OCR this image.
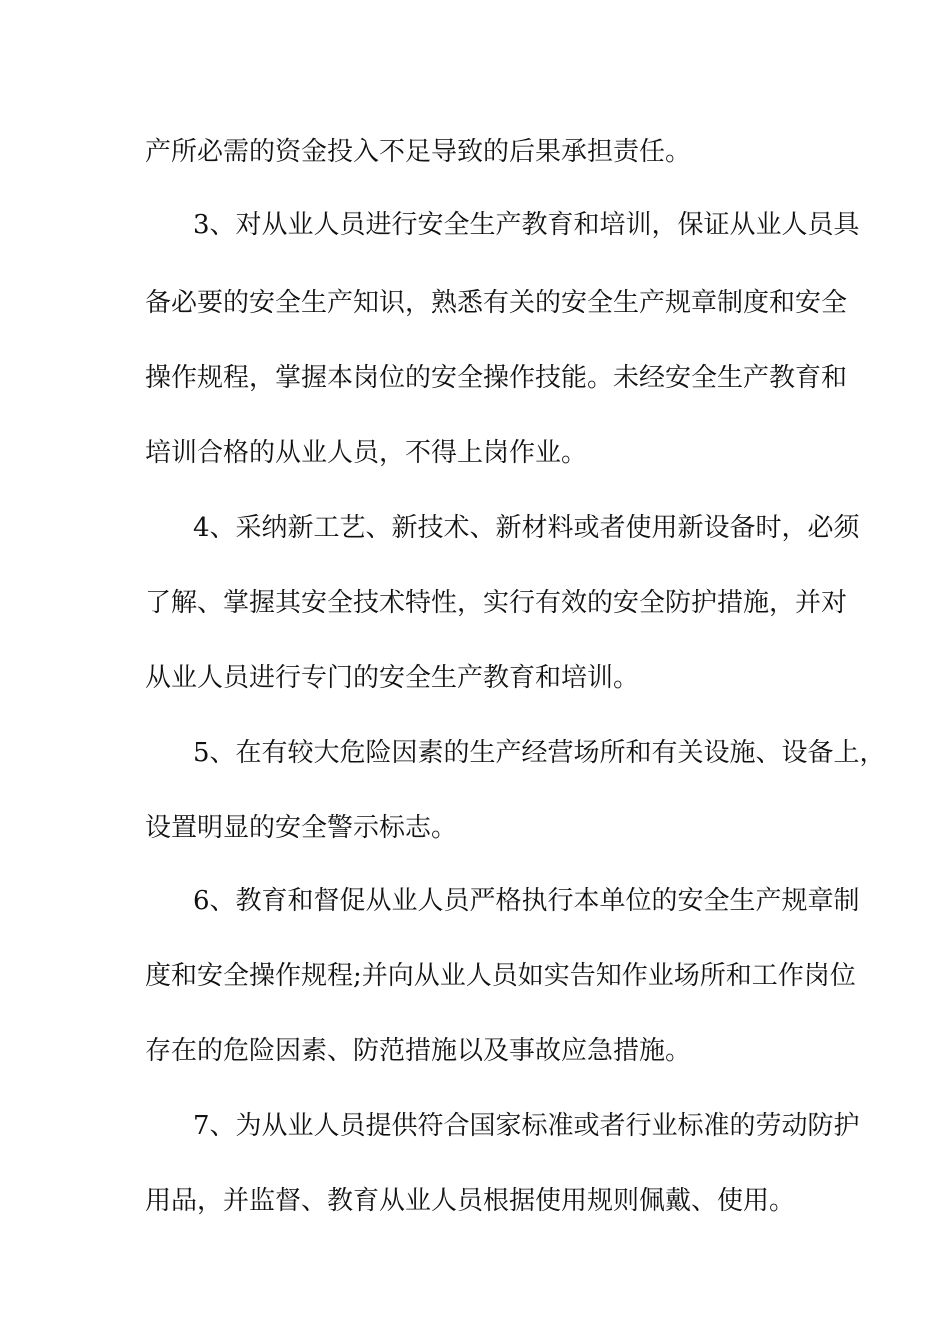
产所必需的资金投入不足导致的后果承担责任。
3、对从业人员进行安全生产教育和培训，保证从业人员具
备必要的安全生产知识，熟悉有关的安全生产规章制度和安全
操作规程，掌握本岗位的安全操作技能。未经安全生产教育和
培训合格的从业人员，不得上岗作业。
4、采纳新工艺、新技术、新材料或者使用新设备时，必须
了解、掌握其安全技术特性，实行有效的安全防护措施，并对
从业人员进行专门的安全生产教育和培训。
5、在有较大危险因素的生产经营场所和有关设施、设备上，
设置明显的安全警示标志。
6、教育和督促从业人员严格执行本单位的安全生产规章制
度和安全操作规程;并向从业人员如实告知作业场所和工作岗位
存在的危险因素、防范措施以及事故应急措施。
7、为从业人员提供符合国家标准或者行业标准的劳动防护
用品，并监督、教育从业人员根据使用规则佩戴、使用。
